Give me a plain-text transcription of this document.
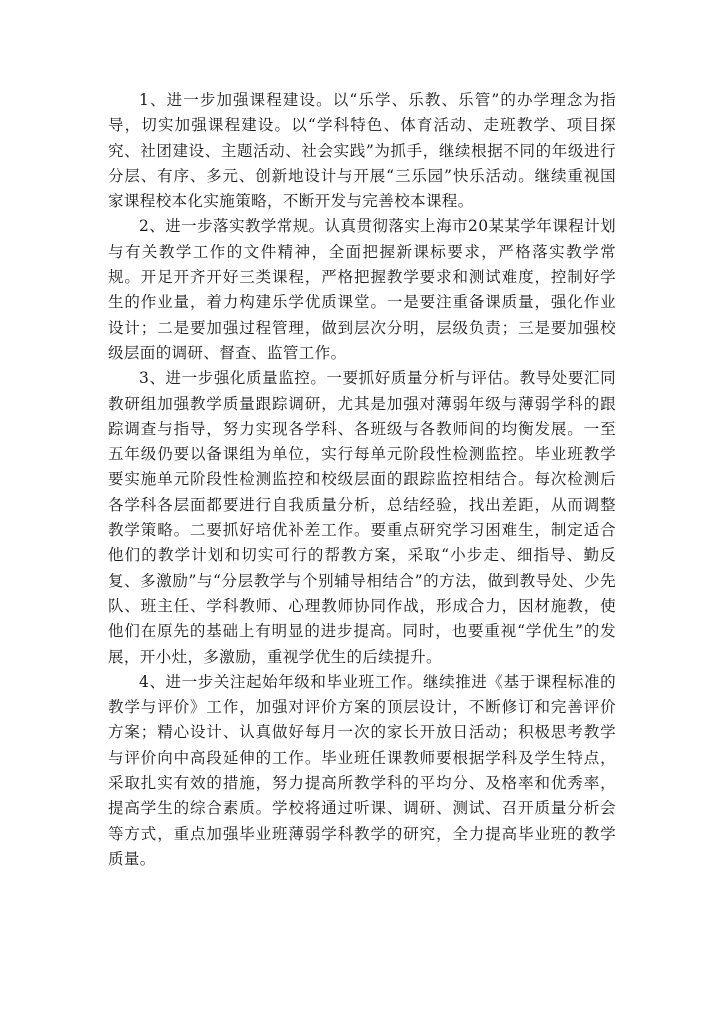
1、进一步加强课程建设。以“乐学、乐教、乐管”的办学理念为指导，切实加强课程建设。以“学科特色、体育活动、走班教学、项目探究、社团建设、主题活动、社会实践”为抓手，继续根据不同的年级进行分层、有序、多元、创新地设计与开展“三乐园”快乐活动。继续重视国家课程校本化实施策略，不断开发与完善校本课程。

2、进一步落实教学常规。认真贯彻落实上海市20某某学年课程计划与有关教学工作的文件精神，全面把握新课标要求，严格落实教学常规。开足开齐开好三类课程，严格把握教学要求和测试难度，控制好学生的作业量，着力构建乐学优质课堂。一是要注重备课质量，强化作业设计；二是要加强过程管理，做到层次分明，层级负责；三是要加强校级层面的调研、督查、监管工作。

3、进一步强化质量监控。一要抓好质量分析与评估。教导处要汇同教研组加强教学质量跟踪调研，尤其是加强对薄弱年级与薄弱学科的跟踪调查与指导，努力实现各学科、各班级与各教师间的均衡发展。一至五年级仍要以备课组为单位，实行每单元阶段性检测监控。毕业班教学要实施单元阶段性检测监控和校级层面的跟踪监控相结合。每次检测后各学科各层面都要进行自我质量分析，总结经验，找出差距，从而调整教学策略。二要抓好培优补差工作。要重点研究学习困难生，制定适合他们的教学计划和切实可行的帮教方案，采取“小步走、细指导、勤反复、多激励”与“分层教学与个别辅导相结合”的方法，做到教导处、少先队、班主任、学科教师、心理教师协同作战，形成合力，因材施教，使他们在原先的基础上有明显的进步提高。同时，也要重视“学优生”的发展，开小灶，多激励，重视学优生的后续提升。

4、进一步关注起始年级和毕业班工作。继续推进《基于课程标准的教学与评价》工作，加强对评价方案的顶层设计，不断修订和完善评价方案；精心设计、认真做好每月一次的家长开放日活动；积极思考教学与评价向中高段延伸的工作。毕业班任课教师要根据学科及学生特点，采取扎实有效的措施，努力提高所教学科的平均分、及格率和优秀率，提高学生的综合素质。学校将通过听课、调研、测试、召开质量分析会等方式，重点加强毕业班薄弱学科教学的研究，全力提高毕业班的教学质量。
